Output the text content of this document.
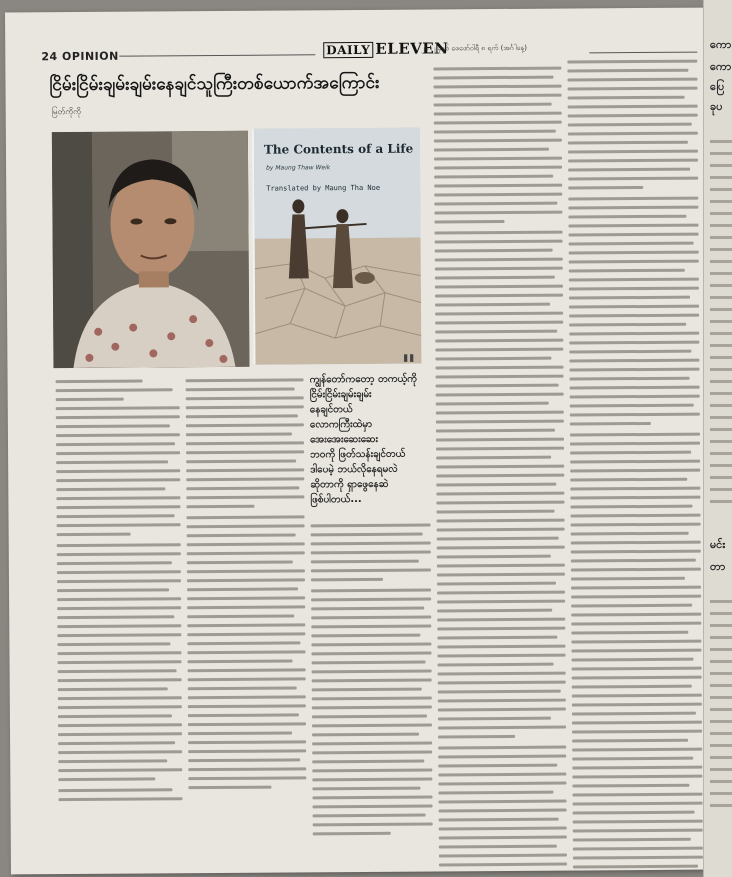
24 OPINION	DAILY ELEVEN
၂၀၂၂ ခုနှစ် ဖေဖော်ဝါရီ ၈ ရက် (အင်္ဂါနေ့)
ငြိမ်းငြိမ်းချမ်းချမ်းနေချင်သူကြီးတစ်ယောက်အကြောင်း
မြတ်ကိုကို
The Contents of a Life
by Maung Thaw Weik
Translated by Maung Tha Noe
"
ကျွန်တော်ကတော့ တကယ့်ကို
ငြိမ်းငြိမ်းချမ်းချမ်း
နေချင်တယ်
လောကကြီးထဲမှာ
အေးအေးဆေးဆေး
ဘဝကို ဖြတ်သန်းချင်တယ်
ဒါပေမဲ့ ဘယ်လိုနေရမလဲ
ဆိုတာကို ရှာဖွေနေဆဲ
ဖြစ်ပါတယ်...
ကော
ကော
ပြေ
ခုပ
မင်း
တာ
